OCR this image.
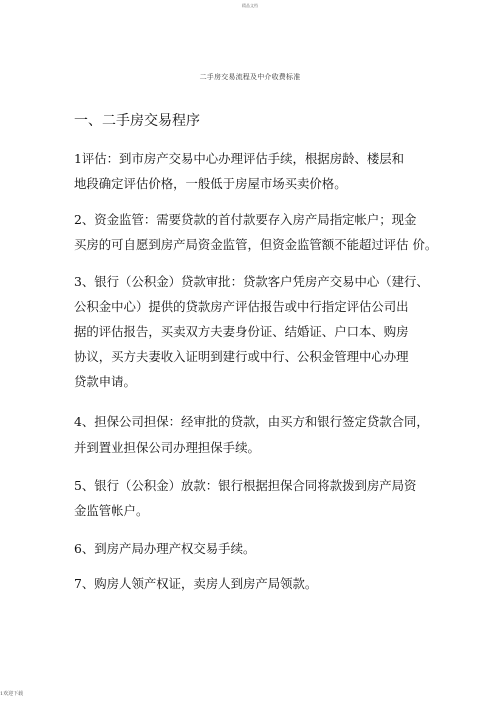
精品文档
二手房交易流程及中介收费标准
一、二手房交易程序
1评估：到市房产交易中心办理评估手续，根据房龄、楼层和
地段确定评估价格，一般低于房屋市场买卖价格。
2、资金监管：需要贷款的首付款要存入房产局指定帐户；现金
买房的可自愿到房产局资金监管，但资金监管额不能超过评估 价。
3、银行（公积金）贷款审批：贷款客户凭房产交易中心（建行、
公积金中心）提供的贷款房产评估报告或中行指定评估公司出
据的评估报告，买卖双方夫妻身份证、结婚证、户口本、购房
协议，买方夫妻收入证明到建行或中行、公积金管理中心办理
贷款申请。
4、担保公司担保：经审批的贷款，由买方和银行签定贷款合同，
并到置业担保公司办理担保手续。
5、银行（公积金）放款：银行根据担保合同将款拨到房产局资
金监管帐户。
6、到房产局办理产权交易手续。
7、购房人领产权证，卖房人到房产局领款。
1欢迎下载
